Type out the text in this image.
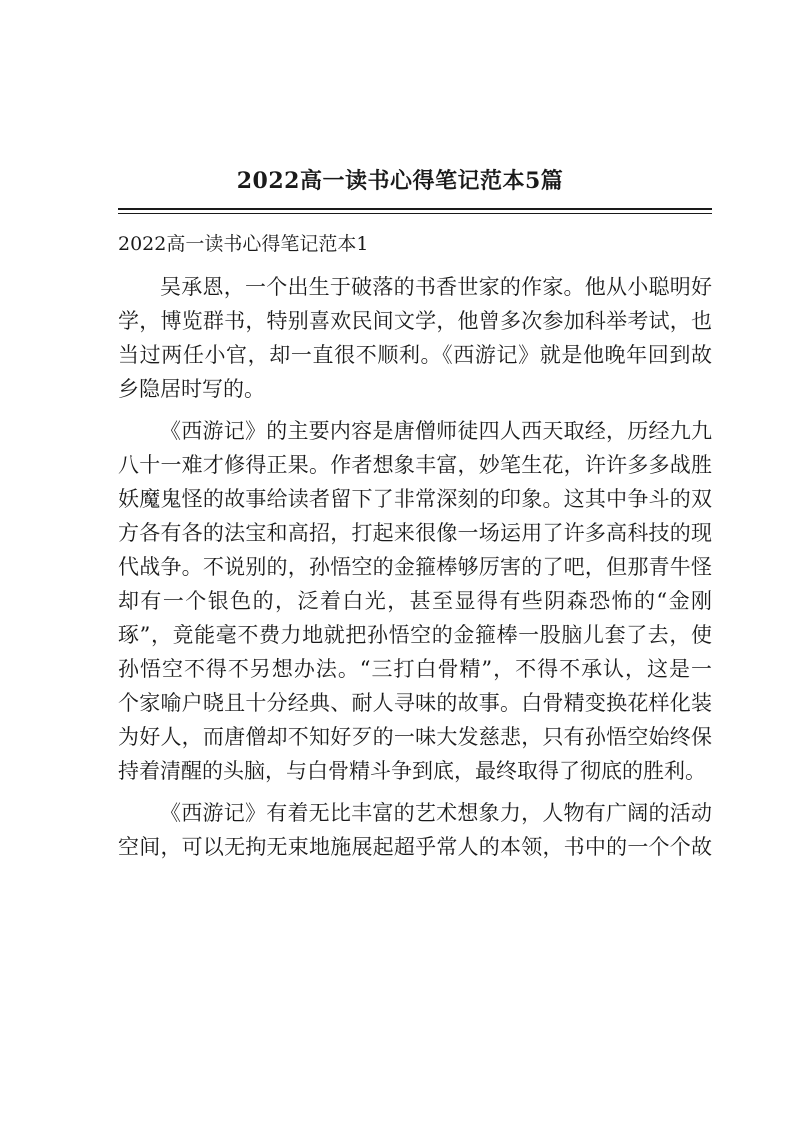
2022高一读书心得笔记范本5篇
2022高一读书心得笔记范本1
吴承恩，一个出生于破落的书香世家的作家。他从小聪明好
学，博览群书，特别喜欢民间文学，他曾多次参加科举考试，也
当过两任小官，却一直很不顺利。《西游记》就是他晚年回到故
乡隐居时写的。
《西游记》的主要内容是唐僧师徒四人西天取经，历经九九
八十一难才修得正果。作者想象丰富，妙笔生花，许许多多战胜
妖魔鬼怪的故事给读者留下了非常深刻的印象。这其中争斗的双
方各有各的法宝和高招，打起来很像一场运用了许多高科技的现
代战争。不说别的，孙悟空的金箍棒够厉害的了吧，但那青牛怪
却有一个银色的，泛着白光，甚至显得有些阴森恐怖的“金刚
琢”，竟能毫不费力地就把孙悟空的金箍棒一股脑儿套了去，使
孙悟空不得不另想办法。“三打白骨精”，不得不承认，这是一
个家喻户晓且十分经典、耐人寻味的故事。白骨精变换花样化装
为好人，而唐僧却不知好歹的一味大发慈悲，只有孙悟空始终保
持着清醒的头脑，与白骨精斗争到底，最终取得了彻底的胜利。
《西游记》有着无比丰富的艺术想象力，人物有广阔的活动
空间，可以无拘无束地施展起超乎常人的本领，书中的一个个故
